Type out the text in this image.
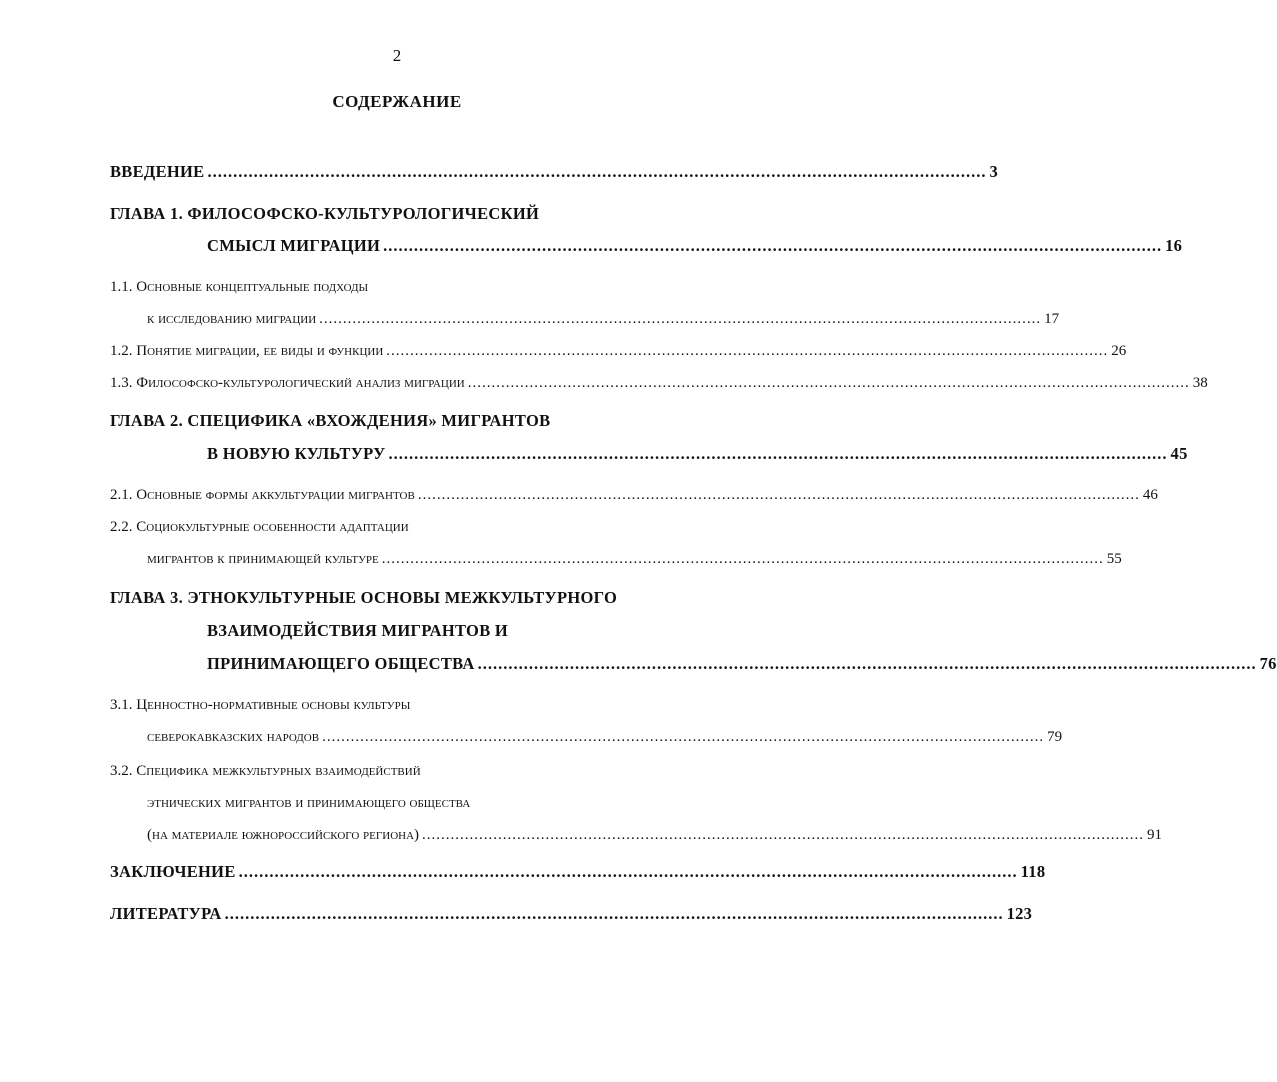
2
СОДЕРЖАНИЕ
ВВЕДЕНИЕ ........................................................................................................................................................ 3
ГЛАВА 1. ФИЛОСОФСКО-КУЛЬТУРОЛОГИЧЕСКИЙ
СМЫСЛ МИГРАЦИИ ........................................................................................................................................................ 16
1.1. Основные концептуальные подходы
к исследованию миграции ........................................................................................................................................................ 17
1.2. Понятие миграции, ее виды и функции ........................................................................................................................................................ 26
1.3. Философско-культурологический анализ миграции ........................................................................................................................................................ 38
ГЛАВА 2. СПЕЦИФИКА «ВХОЖДЕНИЯ» МИГРАНТОВ
В НОВУЮ КУЛЬТУРУ ........................................................................................................................................................ 45
2.1. Основные формы аккультурации мигрантов ........................................................................................................................................................ 46
2.2. Социокультурные особенности адаптации
мигрантов к принимающей культуре ........................................................................................................................................................ 55
ГЛАВА 3. ЭТНОКУЛЬТУРНЫЕ ОСНОВЫ МЕЖКУЛЬТУРНОГО
ВЗАИМОДЕЙСТВИЯ МИГРАНТОВ И
ПРИНИМАЮЩЕГО ОБЩЕСТВА ........................................................................................................................................................ 76
3.1. Ценностно-нормативные основы культуры
северокавказских народов ........................................................................................................................................................ 79
3.2. Специфика межкультурных взаимодействий
этнических мигрантов и принимающего общества
(на материале южнороссийского региона) ........................................................................................................................................................ 91
ЗАКЛЮЧЕНИЕ ........................................................................................................................................................ 118
ЛИТЕРАТУРА ........................................................................................................................................................ 123
